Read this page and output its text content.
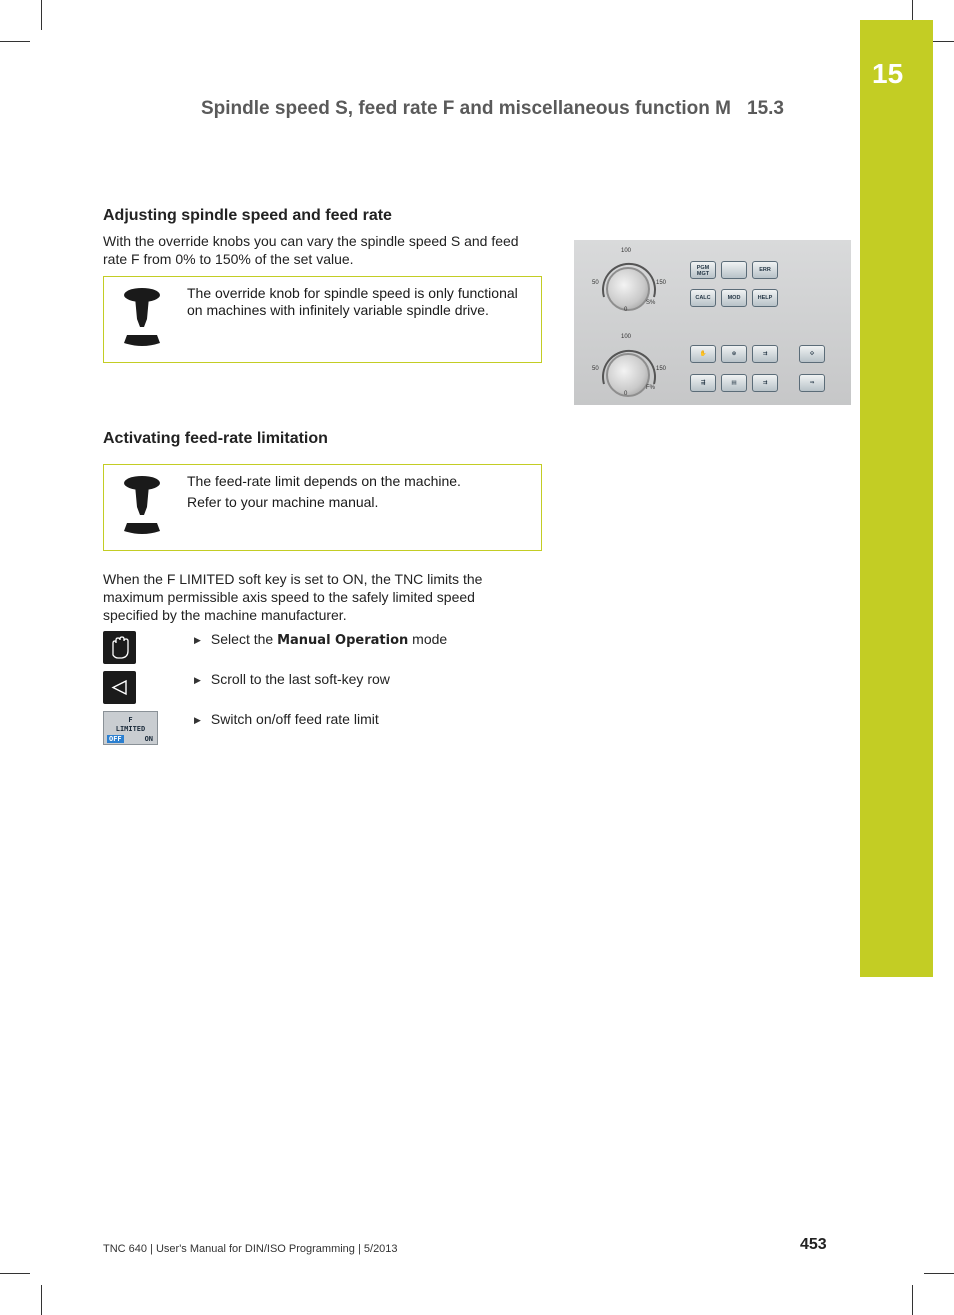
15
Spindle speed S, feed rate F and miscellaneous function M 15.3
Adjusting spindle speed and feed rate
With the override knobs you can vary the spindle speed S and feed
rate F from 0% to 150% of the set value.
The override knob for spindle speed is only functional
on machines with infinitely variable spindle drive.
100
50	150
0
S%
100
50	150
0
F%
PGM
MGT
ERR
CALC	MOD	HELP
✋	⊛	⇉	⟐
⇶	▤	⇉	⇒
Activating feed-rate limitation

The feed-rate limit depends on the machine.

Refer to your machine manual.

When the F LIMITED soft key is set to ON, the TNC limits the
maximum permissible axis speed to the safely limited speed
specified by the machine manufacturer.
▶ Select the Manual Operation mode
▶ Scroll to the last soft-key row
F
LIMITED
OFF	ON
▶ Switch on/off feed rate limit
TNC 640 | User's Manual for DIN/ISO Programming | 5/2013	453
